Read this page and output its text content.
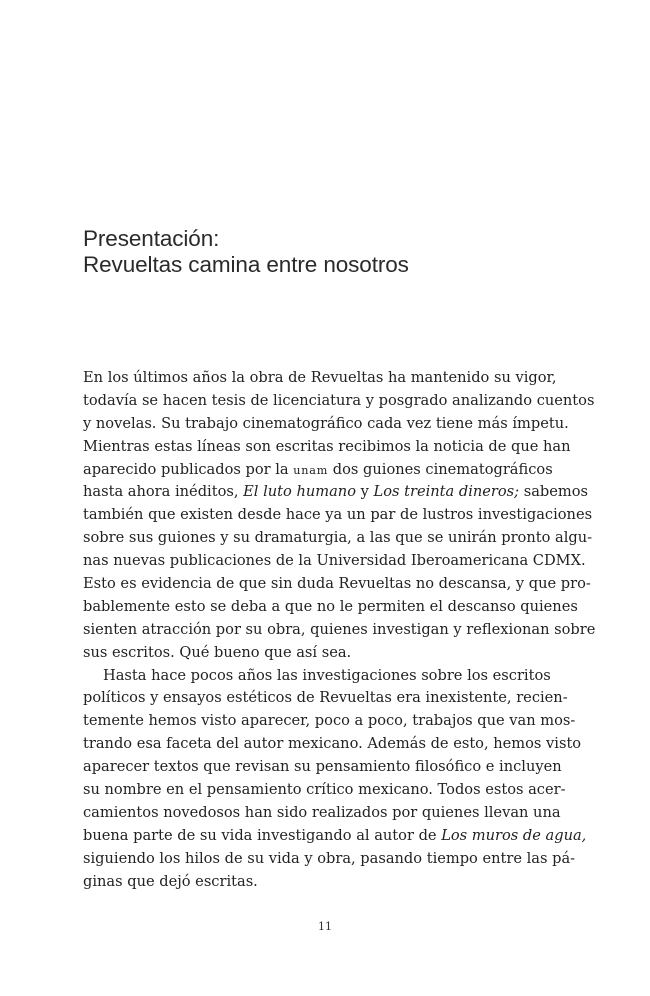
Presentación:
Revueltas camina entre nosotros
En los últimos años la obra de Revueltas ha mantenido su vigor,
todavía se hacen tesis de licenciatura y posgrado analizando cuentos
y novelas. Su trabajo cinematográfico cada vez tiene más ímpetu.
Mientras estas líneas son escritas recibimos la noticia de que han
aparecido publicados por la unam dos guiones cinematográficos
hasta ahora inéditos, El luto humano y Los treinta dineros; sabemos
también que existen desde hace ya un par de lustros investigaciones
sobre sus guiones y su dramaturgia, a las que se unirán pronto algu-
nas nuevas publicaciones de la Universidad Iberoamericana CDMX.
Esto es evidencia de que sin duda Revueltas no descansa, y que pro-
bablemente esto se deba a que no le permiten el descanso quienes
sienten atracción por su obra, quienes investigan y reflexionan sobre
sus escritos. Qué bueno que así sea.
Hasta hace pocos años las investigaciones sobre los escritos
políticos y ensayos estéticos de Revueltas era inexistente, recien-
temente hemos visto aparecer, poco a poco, trabajos que van mos-
trando esa faceta del autor mexicano. Además de esto, hemos visto
aparecer textos que revisan su pensamiento filosófico e incluyen
su nombre en el pensamiento crítico mexicano. Todos estos acer-
camientos novedosos han sido realizados por quienes llevan una
buena parte de su vida investigando al autor de Los muros de agua,
siguiendo los hilos de su vida y obra, pasando tiempo entre las pá-
ginas que dejó escritas.
11
